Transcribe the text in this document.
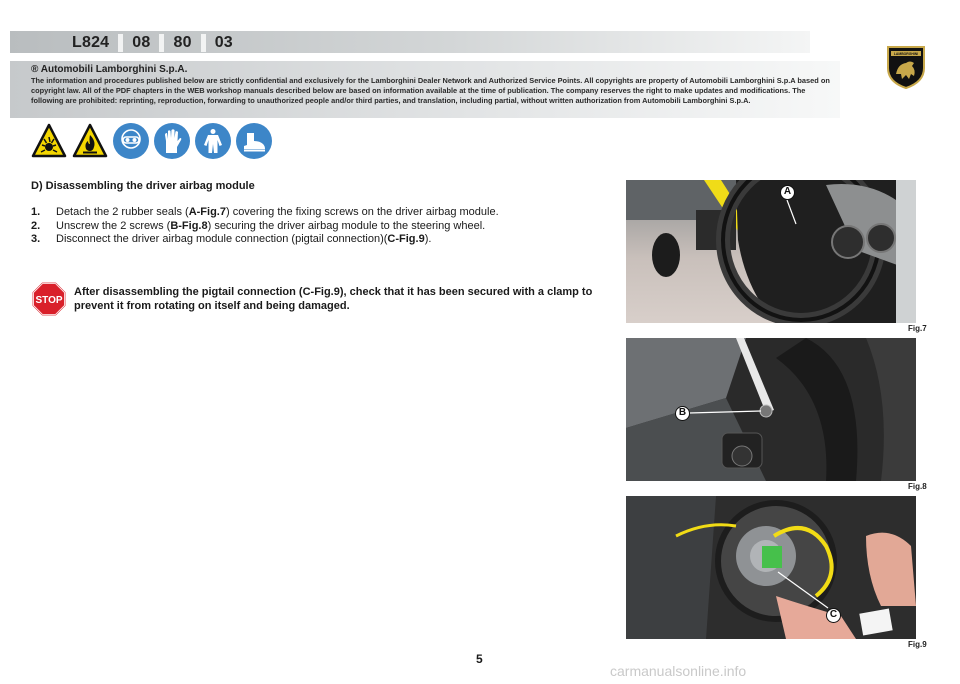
L824 08 80 03
LAMBORGHINI
® Automobili Lamborghini S.p.A.
The information and procedures published below are strictly confidential and exclusively for the Lamborghini Dealer Network and Authorized Service Points. All copyrights are property of Automobili Lamborghini S.p.A based on copyright law. All of the PDF chapters in the WEB workshop manuals described below are based on information available at the time of publication. The company reserves the right to make updates and modifications. The following are prohibited: reprinting, reproduction, forwarding to unauthorized people and/or third parties, and translation, including partial, without written authorization from Automobili Lamborghini S.p.A.
D) Disassembling the driver airbag module
1.	Detach the 2 rubber seals (A-Fig.7) covering the fixing screws on the driver airbag module.
2.	Unscrew the 2 screws (B-Fig.8) securing the driver airbag module to the steering wheel.
3.	Disconnect the driver airbag module connection (pigtail connection)(C-Fig.9).
STOP
After disassembling the pigtail connection (C-Fig.9), check that it has been secured with a clamp to prevent it from rotating on itself and being damaged.
A
Fig.7
B
Fig.8
C
Fig.9
5
carmanualsonline.info
